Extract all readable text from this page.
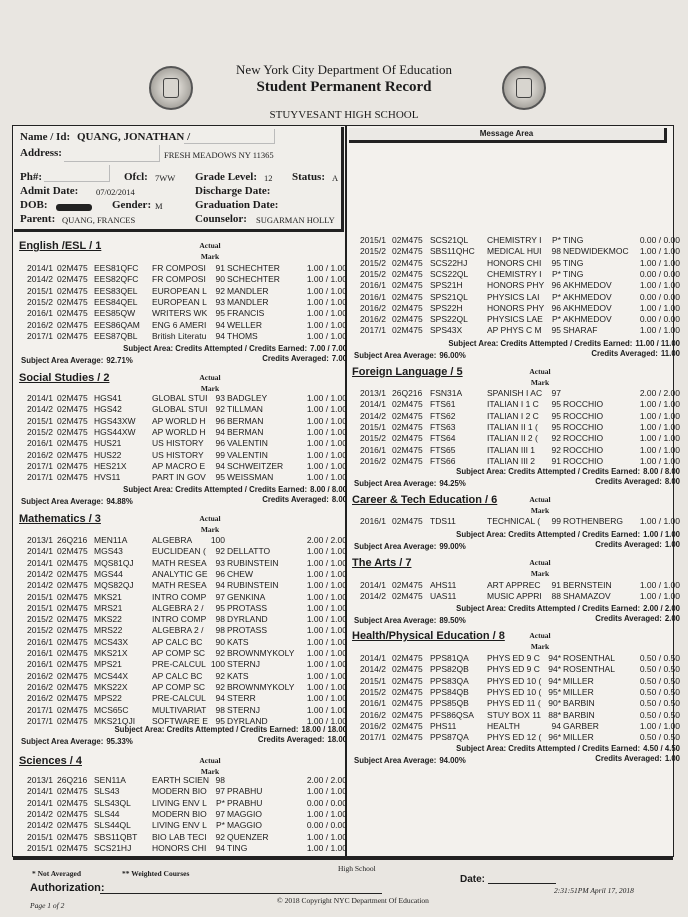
New York City Department Of Education
Student Permanent Record
STUYVESANT HIGH SCHOOL
Name / Id: QUANG, JONATHAN /
Address:	FRESH MEADOWS NY 11365
Ph#:	Ofcl: 7WW Grade Level: 12 Status: A
Admit Date: 07/02/2014	Discharge Date:
DOB:	Gender: M	Graduation Date:
Parent: QUANG, FRANCES	Counselor: SUGARMAN HOLLY
Message Area
English /ESL / 1	Actual
Mark
2014/1 02M475 EES81QFC FR COMPOSI	91 SCHECHTER	1.00 / 1.00
2014/2 02M475 EES82QFC FR COMPOSI	90 SCHECHTER	1.00 / 1.00
2015/1 02M475 EES83QEL EUROPEAN L	92 MANDLER	1.00 / 1.00
2015/2 02M475 EES84QEL EUROPEAN L	93 MANDLER	1.00 / 1.00
2016/1 02M475 EES85QW WRITERS WK 95 FRANCIS	1.00 / 1.00
2016/2 02M475 EES86QAM ENG 6 AMERI	94 WELLER	1.00 / 1.00
2017/1 02M475 EES87QBL British Literatu	94 THOMS	1.00 / 1.00
Subject Area: Credits Attempted / Credits Earned: 7.00 / 7.00
Subject Area Average: 92.71%	Credits Averaged: 7.00
Social Studies / 2	Actual
Mark
2014/1 02M475 HGS41	GLOBAL STUI 93 BADGLEY	1.00 / 1.00
2014/2 02M475 HGS42	GLOBAL STUI 92 TILLMAN	1.00 / 1.00
2015/1 02M475 HGS43XW AP WORLD H	96 BERMAN	1.00 / 1.00
2015/2 02M475 HGS44XW AP WORLD H	94 BERMAN	1.00 / 1.00
2016/1 02M475 HUS21	US HISTORY	96 VALENTIN	1.00 / 1.00
2016/2 02M475 HUS22	US HISTORY	99 VALENTIN	1.00 / 1.00
2017/1 02M475 HES21X	AP MACRO E	94 SCHWEITZER	1.00 / 1.00
2017/1 02M475 HVS11	PART IN GOV	95 WEISSMAN	1.00 / 1.00
Subject Area: Credits Attempted / Credits Earned: 8.00 / 8.00
Subject Area Average: 94.88%	Credits Averaged: 8.00
Mathematics / 3	Actual
Mark
2013/1 26Q216 MEN11A	ALGEBRA 100	2.00 / 2.00
2014/1 02M475 MGS43	EUCLIDEAN (	92 DELLATTO	1.00 / 1.00
2014/1 02M475 MQS81QJ MATH RESEA	93 RUBINSTEIN	1.00 / 1.00
2014/2 02M475 MGS44	ANALYTIC GE 96 CHEW	1.00 / 1.00
2014/2 02M475 MQS82QJ MATH RESEA	94 RUBINSTEIN	1.00 / 1.00
2015/1 02M475 MKS21	INTRO COMP	97 GENKINA	1.00 / 1.00
2015/1 02M475 MRS21	ALGEBRA 2 /	95 PROTASS	1.00 / 1.00
2015/2 02M475 MKS22	INTRO COMP	98 DYRLAND	1.00 / 1.00
2015/2 02M475 MRS22	ALGEBRA 2 /	98 PROTASS	1.00 / 1.00
2016/1 02M475 MCS43X	AP CALC BC	90 KATS	1.00 / 1.00
2016/1 02M475 MKS21X	AP COMP SC	92 BROWNMYKOLY 1.00 / 1.00
2016/1 02M475 MPS21	PRE-CALCUL 100 STERNJ	1.00 / 1.00
2016/2 02M475 MCS44X	AP CALC BC	92 KATS	1.00 / 1.00
2016/2 02M475 MKS22X	AP COMP SC	92 BROWNMYKOLY 1.00 / 1.00
2016/2 02M475 MPS22	PRE-CALCUL	94 STERR	1.00 / 1.00
2017/1 02M475 MCS65C	MULTIVARIAT	98 STERNJ	1.00 / 1.00
2017/1 02M475 MKS21QJI SOFTWARE E 95 DYRLAND	1.00 / 1.00
Subject Area: Credits Attempted / Credits Earned: 18.00 / 18.00
Subject Area Average: 95.33%	Credits Averaged: 18.00
Sciences / 4	Actual
Mark
2013/1 26Q216 SEN11A	EARTH SCIEN 98	2.00 / 2.00
2014/1 02M475 SLS43	MODERN BIO	97 PRABHU	1.00 / 1.00
2014/1 02M475 SLS43QL LIVING ENV L	P* PRABHU	0.00 / 0.00
2014/2 02M475 SLS44	MODERN BIO	97 MAGGIO	1.00 / 1.00
2014/2 02M475 SLS44QL LIVING ENV L	P* MAGGIO	0.00 / 0.00
2015/1 02M475 SBS11QBT BIO LAB TECI	92 QUENZER	1.00 / 1.00
2015/1 02M475 SCS21HJ HONORS CHI	94 TING	1.00 / 1.00
2015/1 02M475 SCS21QL CHEMISTRY I	P* TING	0.00 / 0.00
2015/2 02M475 SBS11QHC MEDICAL HUI	98 NEDWIDEKMOC 1.00 / 1.00
2015/2 02M475 SCS22HJ HONORS CHI	95 TING	1.00 / 1.00
2015/2 02M475 SCS22QL CHEMISTRY I	P* TING	0.00 / 0.00
2016/1 02M475 SPS21H	HONORS PHY 96 AKHMEDOV	1.00 / 1.00
2016/1 02M475 SPS21QL PHYSICS LAI	P* AKHMEDOV	0.00 / 0.00
2016/2 02M475 SPS22H	HONORS PHY 96 AKHMEDOV	1.00 / 1.00
2016/2 02M475 SPS22QL PHYSICS LAE	P* AKHMEDOV	0.00 / 0.00
2017/1 02M475 SPS43X	AP PHYS C M	95 SHARAF	1.00 / 1.00
Subject Area: Credits Attempted / Credits Earned: 11.00 / 11.00
Subject Area Average: 96.00%	Credits Averaged: 11.00
Foreign Language / 5	Actual
Mark
2013/1 26Q216 FSN31A	SPANISH I AC	97	2.00 / 2.00
2014/1 02M475 FTS61	ITALIAN I 1 C	95 ROCCHIO	1.00 / 1.00
2014/2 02M475 FTS62	ITALIAN I 2 C	95 ROCCHIO	1.00 / 1.00
2015/1 02M475 FTS63	ITALIAN II 1 (	95 ROCCHIO	1.00 / 1.00
2015/2 02M475 FTS64	ITALIAN II 2 (	92 ROCCHIO	1.00 / 1.00
2016/1 02M475 FTS65	ITALIAN III 1	92 ROCCHIO	1.00 / 1.00
2016/2 02M475 FTS66	ITALIAN III 2	91 ROCCHIO	1.00 / 1.00
Subject Area: Credits Attempted / Credits Earned: 8.00 / 8.00
Subject Area Average: 94.25%	Credits Averaged: 8.00
Career & Tech Education / 6	Actual
Mark
2016/1 02M475 TDS11	TECHNICAL (	99 ROTHENBERG 1.00 / 1.00
Subject Area: Credits Attempted / Credits Earned: 1.00 / 1.00
Subject Area Average: 99.00%	Credits Averaged: 1.00
The Arts / 7	Actual
Mark
2014/1 02M475 AHS11	ART APPREC	91 BERNSTEIN	1.00 / 1.00
2014/2 02M475 UAS11	MUSIC APPRI	88 SHAMAZOV	1.00 / 1.00
Subject Area: Credits Attempted / Credits Earned: 2.00 / 2.00
Subject Area Average: 89.50%	Credits Averaged: 2.00
Health/Physical Education / 8	Actual
Mark
2014/1 02M475 PPS81QA PHYS ED 9 C 94* ROSENTHAL	0.50 / 0.50
2014/2 02M475 PPS82QB PHYS ED 9 C 94* ROSENTHAL	0.50 / 0.50
2015/1 02M475 PPS83QA PHYS ED 10 ( 94* MILLER	0.50 / 0.50
2015/2 02M475 PPS84QB PHYS ED 10 ( 95* MILLER	0.50 / 0.50
2016/1 02M475 PPS85QB PHYS ED 11 ( 90* BARBIN	0.50 / 0.50
2016/2 02M475 PFS86QSA STUY BOX 11 88* BARBIN	0.50 / 0.50
2016/2 02M475 PHS11	HEALTH	94 GARBER	1.00 / 1.00
2017/1 02M475 PPS87QA PHYS ED 12 ( 96* MILLER	0.50 / 0.50
Subject Area: Credits Attempted / Credits Earned: 4.50 / 4.50
Subject Area Average: 94.00%	Credits Averaged: 1.00
* Not Averaged	** Weighted Courses
High School
Authorization:
Date:
Page 1 of 2
© 2018 Copyright NYC Department Of Education
2:31:51PM April 17, 2018
